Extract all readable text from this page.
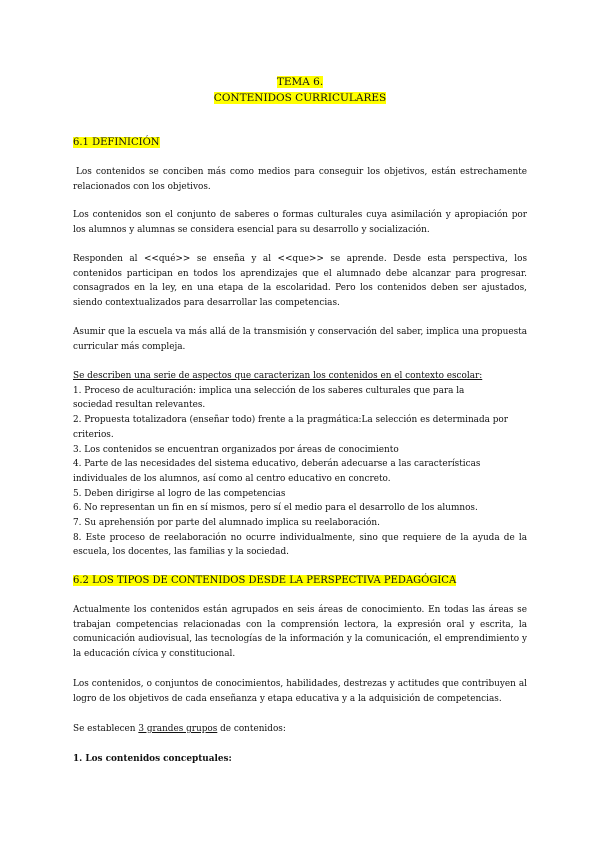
TEMA 6.
CONTENIDOS CURRICULARES
6.1 DEFINICIÓN

Los contenidos se conciben más como medios para conseguir los objetivos, están estrechamente relacionados con los objetivos.

Los contenidos son el conjunto de saberes o formas culturales cuya asimilación y apropiación por los alumnos y alumnas se considera esencial para su desarrollo y socialización.

Responden al <<qué>> se enseña y al <<que>> se aprende. Desde esta perspectiva, los contenidos participan en todos los aprendizajes que el alumnado debe alcanzar para progresar. consagrados en la ley, en una etapa de la escolaridad. Pero los contenidos deben ser ajustados, siendo contextualizados para desarrollar las competencias.

Asumir que la escuela va más allá de la transmisión y conservación del saber, implica una propuesta curricular más compleja.

Se describen una serie de aspectos que caracterizan los contenidos en el contexto escolar:
1. Proceso de aculturación: implica una selección de los saberes culturales que para la
sociedad resultan relevantes.
2. Propuesta totalizadora (enseñar todo) frente a la pragmática:La selección es determinada por
criterios.
3. Los contenidos se encuentran organizados por áreas de conocimiento
4. Parte de las necesidades del sistema educativo, deberán adecuarse a las características
individuales de los alumnos, así como al centro educativo en concreto.
5. Deben dirigirse al logro de las competencias
6. No representan un fin en sí mismos, pero sí el medio para el desarrollo de los alumnos.
7. Su aprehensión por parte del alumnado implica su reelaboración.
8. Este proceso de reelaboración no ocurre individualmente, sino que requiere de la ayuda de la escuela, los docentes, las familias y la sociedad.
6.2 LOS TIPOS DE CONTENIDOS DESDE LA PERSPECTIVA PEDAGÓGICA

Actualmente los contenidos están agrupados en seis áreas de conocimiento. En todas las áreas se trabajan competencias relacionadas con la comprensión lectora, la expresión oral y escrita, la comunicación audiovisual, las tecnologías de la información y la comunicación, el emprendimiento y la educación cívica y constitucional.

Los contenidos, o conjuntos de conocimientos, habilidades, destrezas y actitudes que contribuyen al logro de los objetivos de cada enseñanza y etapa educativa y a la adquisición de competencias.

Se establecen 3 grandes grupos de contenidos:

1. Los contenidos conceptuales:
